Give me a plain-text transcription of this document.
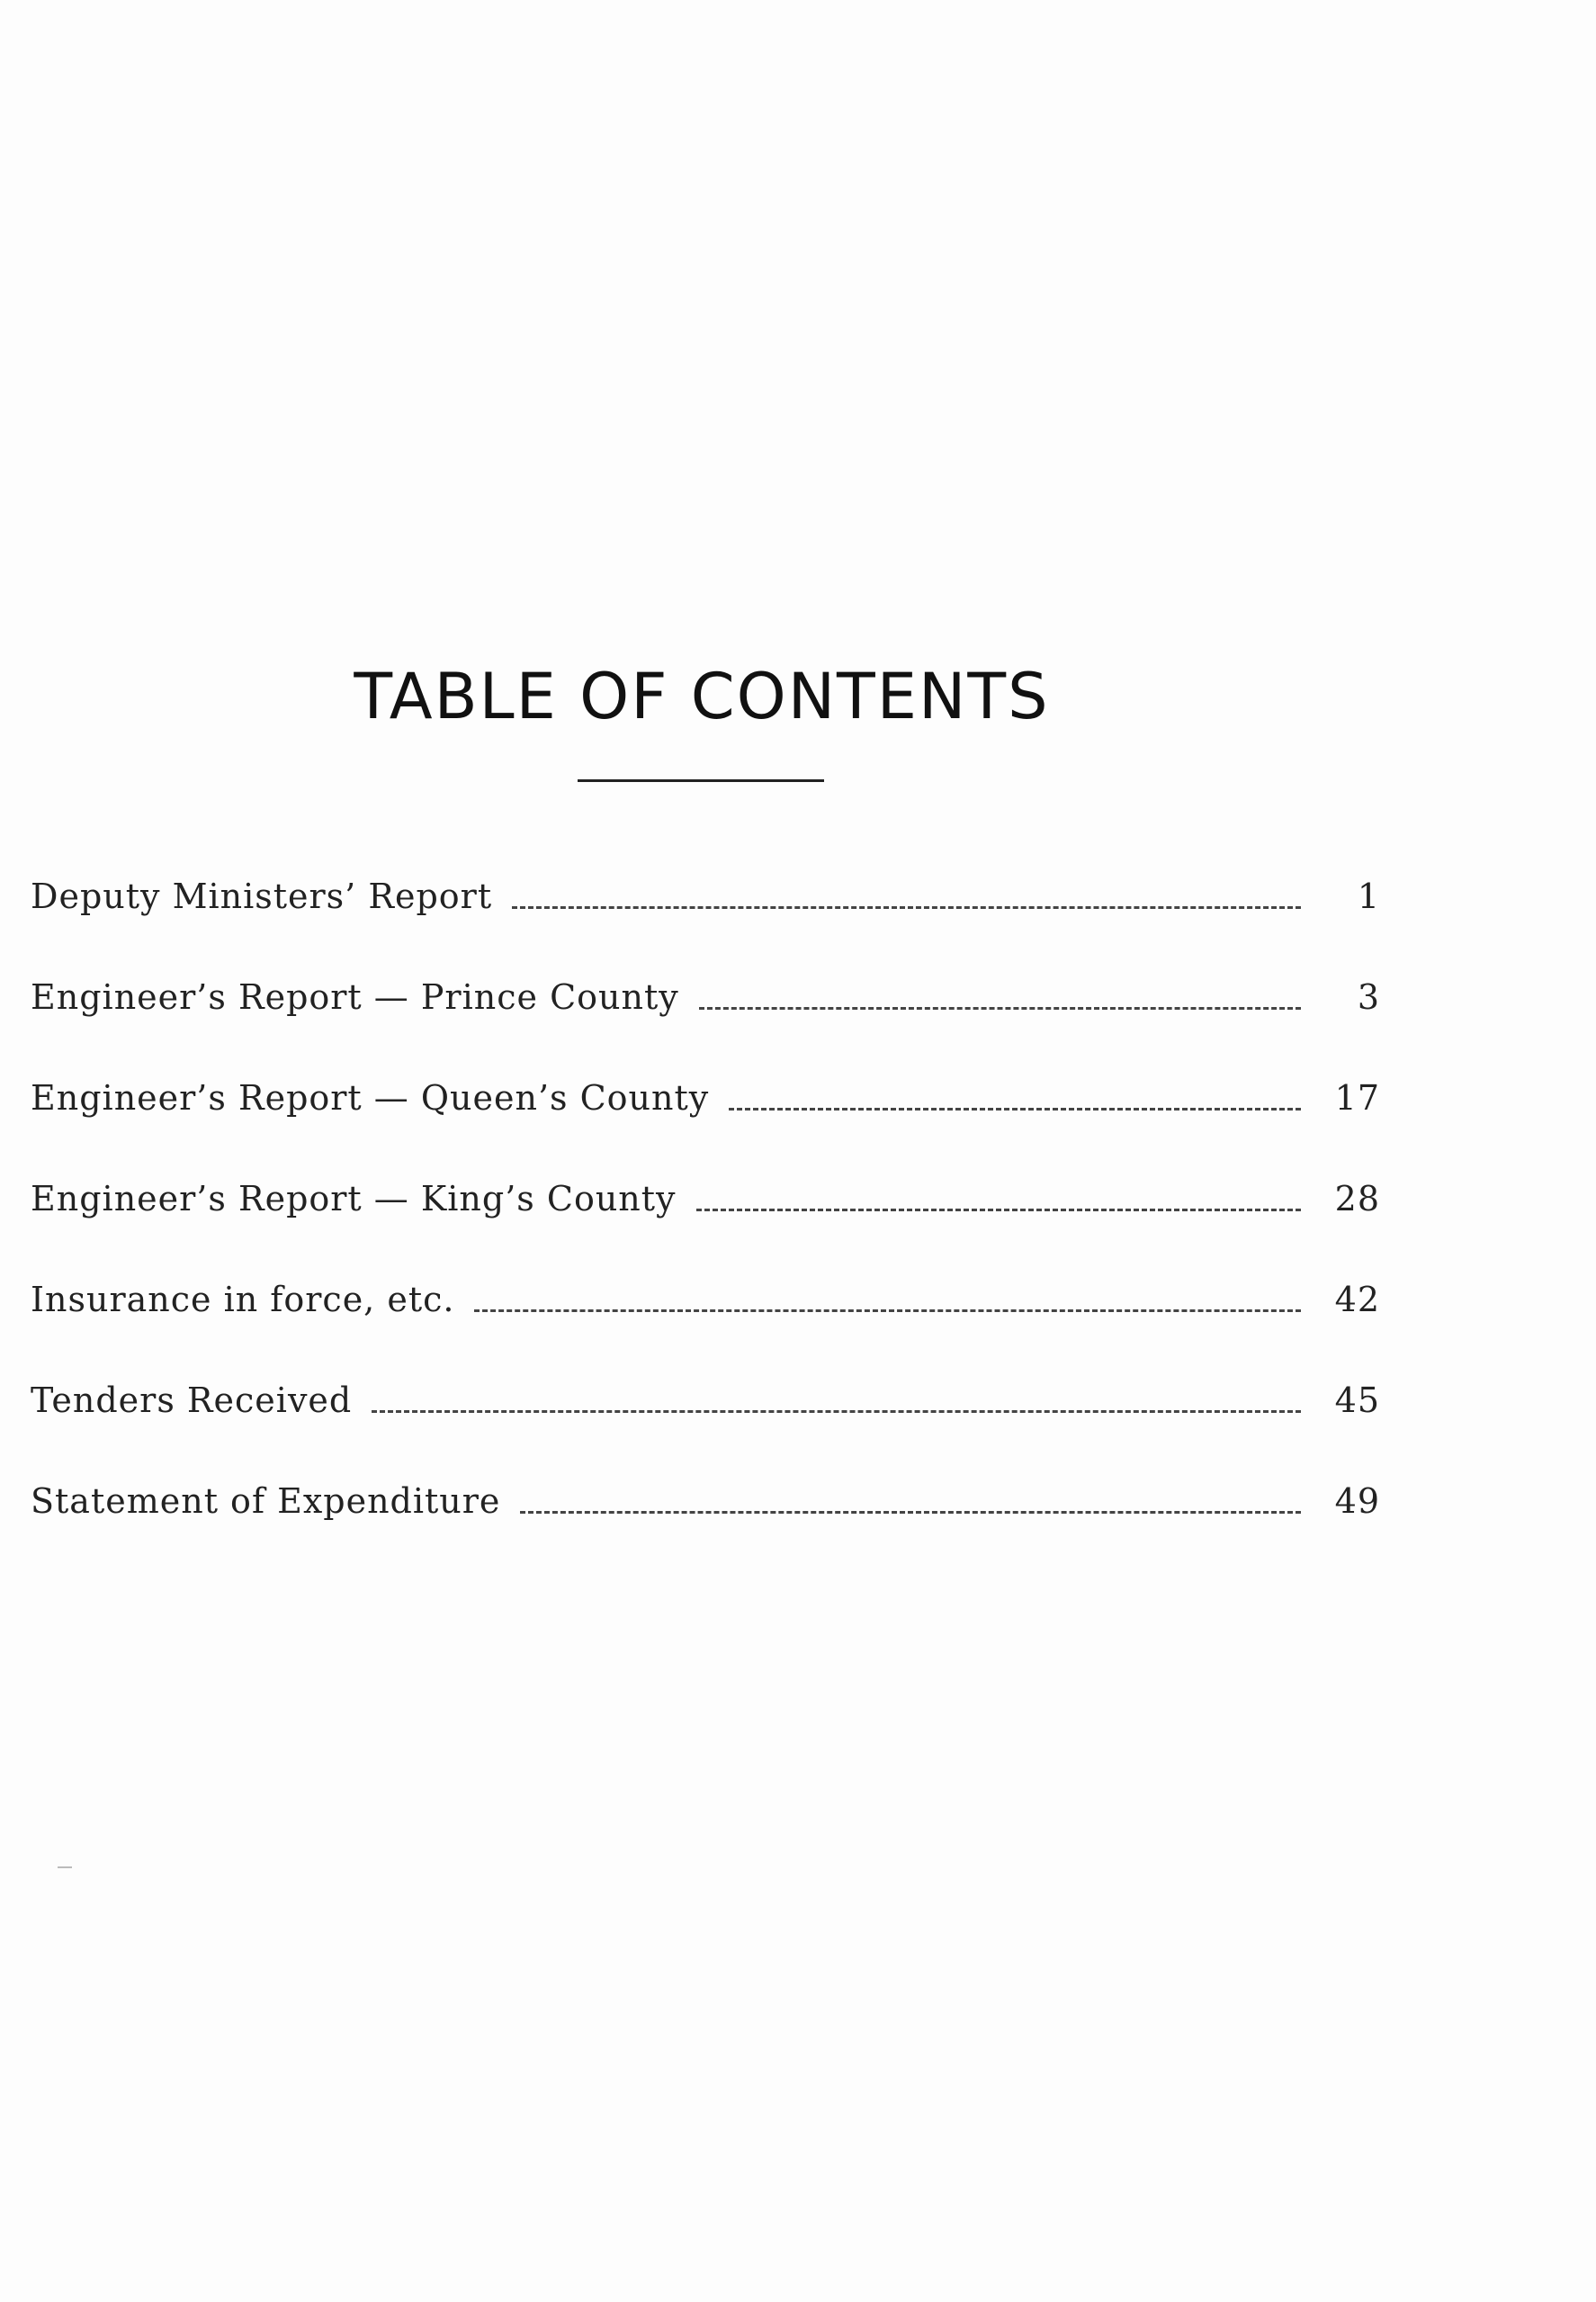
TABLE OF CONTENTS
Deputy Ministers’ Report	1
Engineer’s Report — Prince County	3
Engineer’s Report — Queen’s County	17
Engineer’s Report — King’s County	28
Insurance in force, etc.	42
Tenders Received	45
Statement of Expenditure	49
